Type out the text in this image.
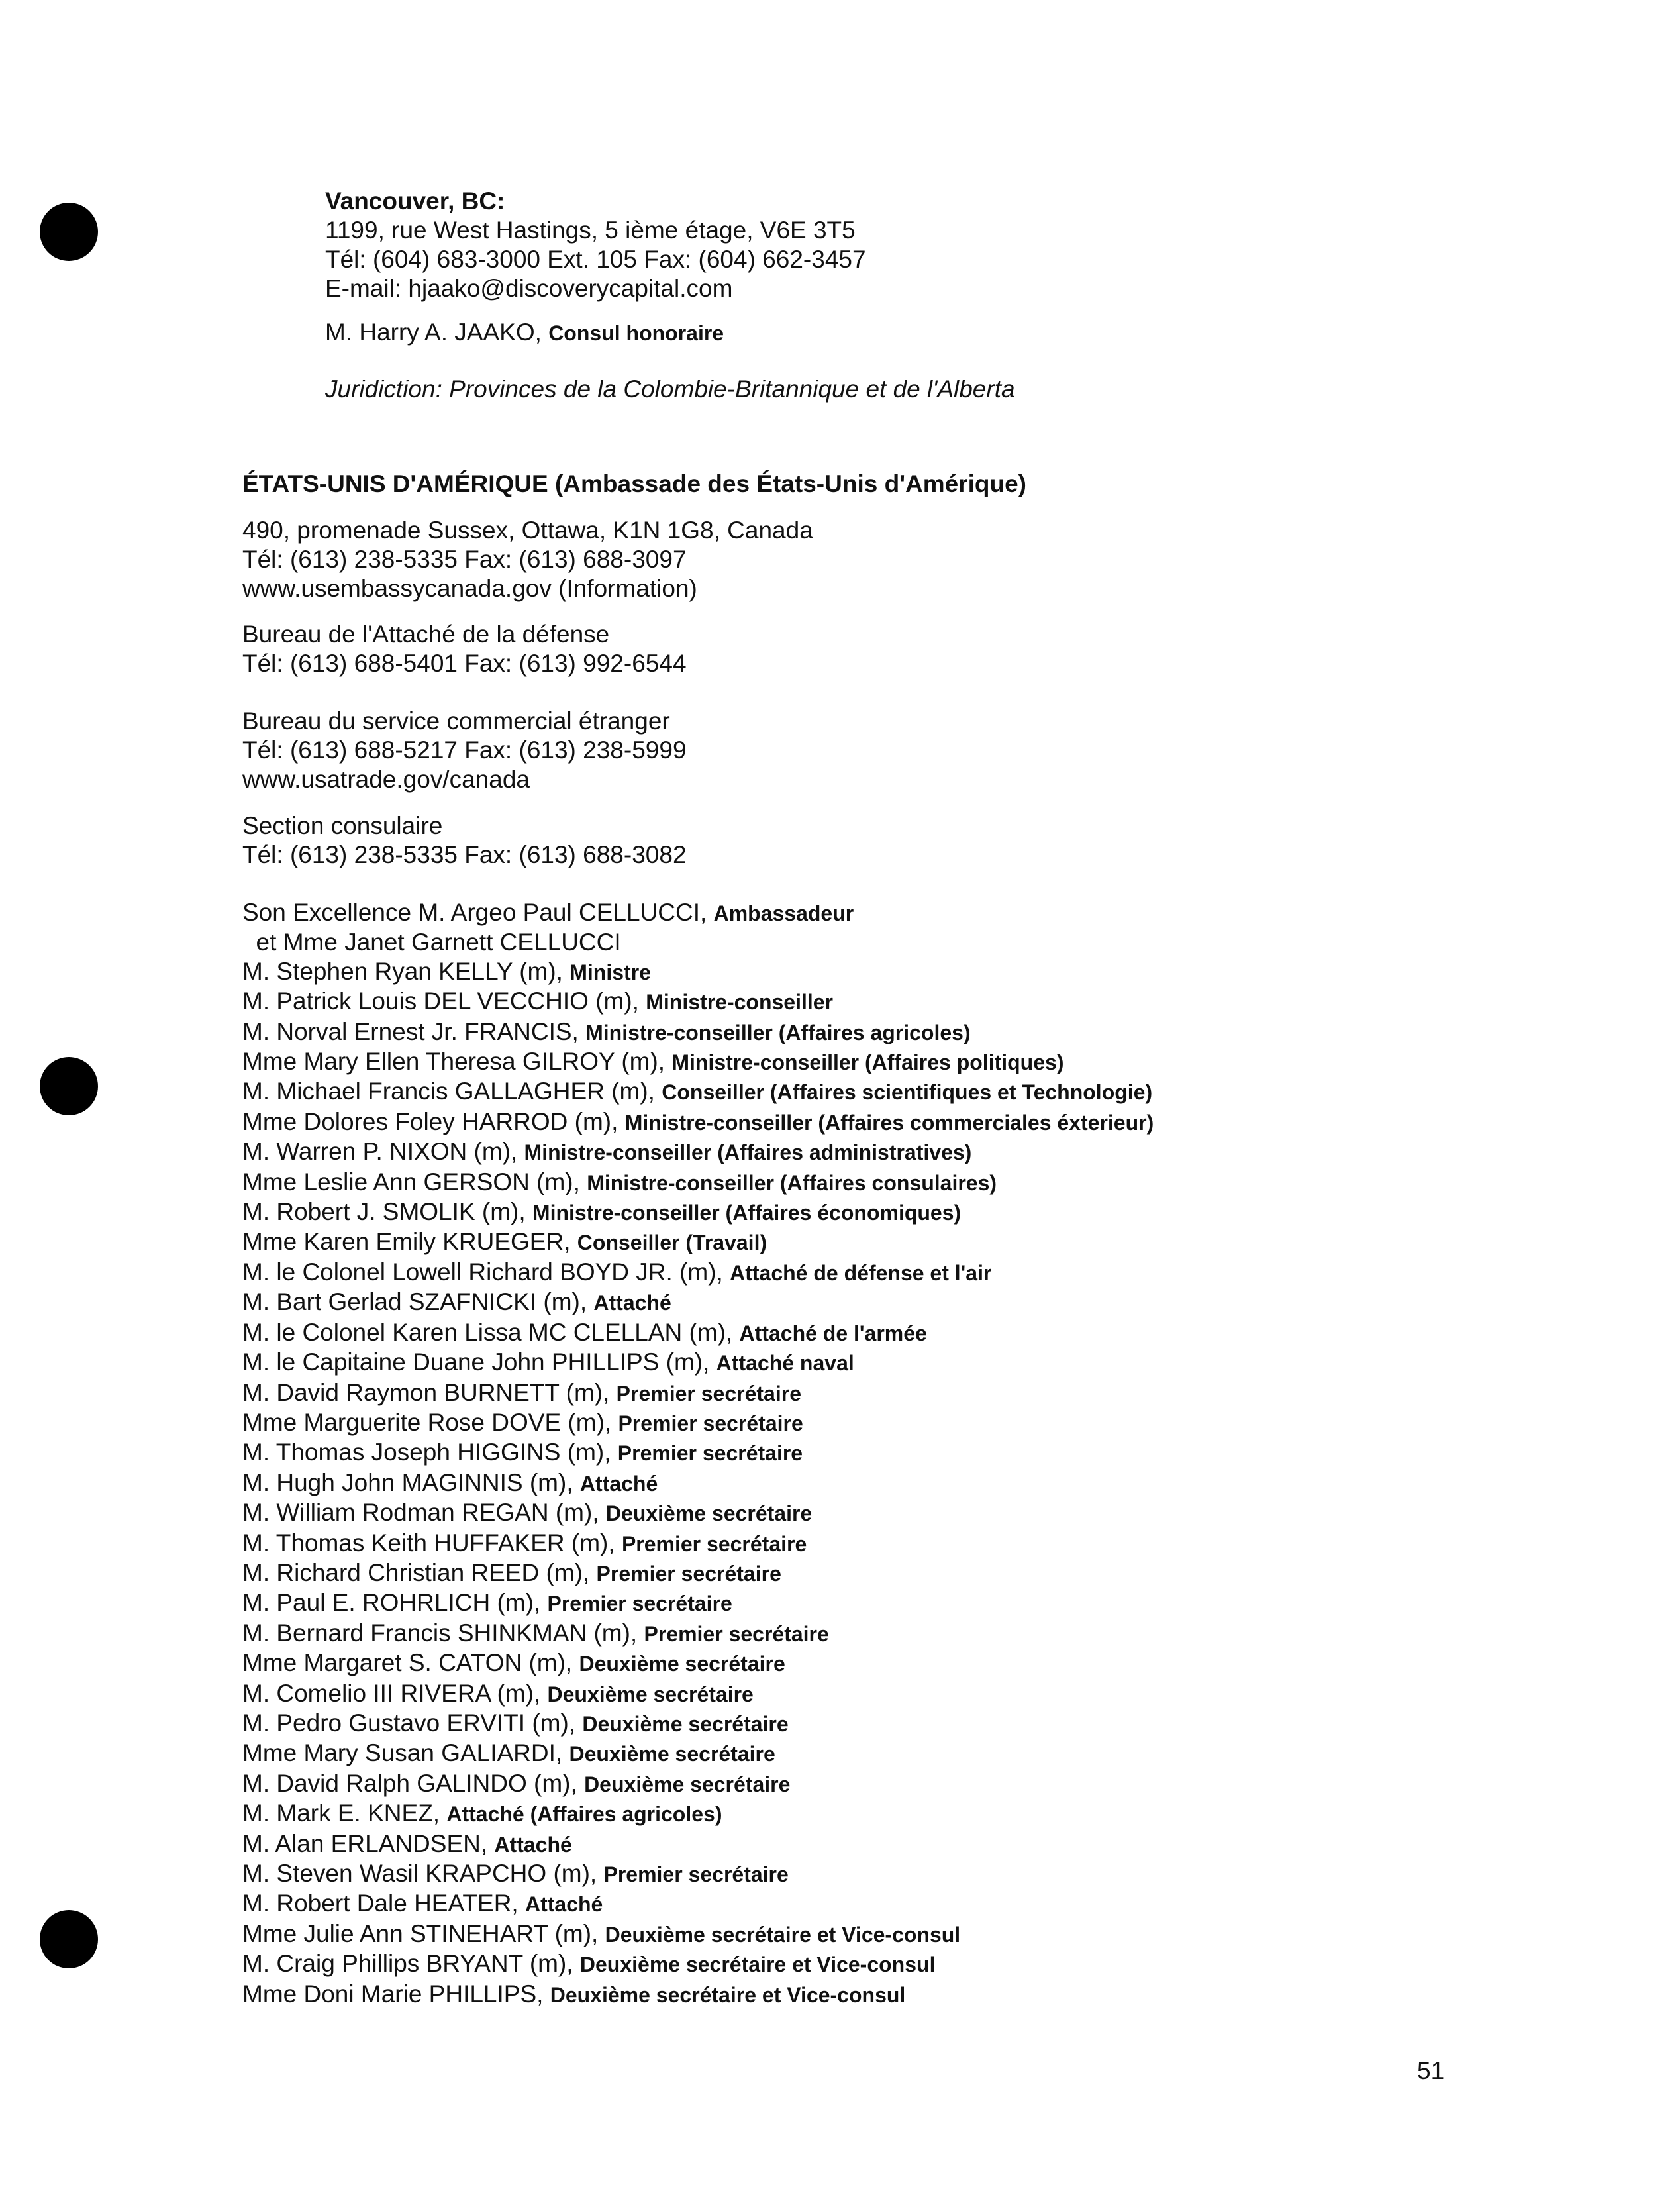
Vancouver, BC:
1199, rue West Hastings, 5 ième étage, V6E 3T5
Tél: (604) 683-3000 Ext. 105 Fax: (604) 662-3457
E-mail: hjaako@discoverycapital.com
M. Harry A. JAAKO, Consul honoraire
Juridiction: Provinces de la Colombie-Britannique et de l'Alberta
ÉTATS-UNIS D'AMÉRIQUE (Ambassade des États-Unis d'Amérique)
490, promenade Sussex, Ottawa, K1N 1G8, Canada
Tél: (613) 238-5335 Fax: (613) 688-3097
www.usembassycanada.gov (Information)
Bureau de l'Attaché de la défense
Tél: (613) 688-5401 Fax: (613) 992-6544
Bureau du service commercial étranger
Tél: (613) 688-5217 Fax: (613) 238-5999
www.usatrade.gov/canada
Section consulaire
Tél: (613) 238-5335 Fax: (613) 688-3082
Son Excellence M. Argeo Paul CELLUCCI, Ambassadeur
et Mme Janet Garnett CELLUCCI
M. Stephen Ryan KELLY (m), Ministre
M. Patrick Louis DEL VECCHIO (m), Ministre-conseiller
M. Norval Ernest Jr. FRANCIS, Ministre-conseiller (Affaires agricoles)
Mme Mary Ellen Theresa GILROY (m), Ministre-conseiller (Affaires politiques)
M. Michael Francis GALLAGHER (m), Conseiller (Affaires scientifiques et Technologie)
Mme Dolores Foley HARROD (m), Ministre-conseiller (Affaires commerciales éxterieur)
M. Warren P. NIXON (m), Ministre-conseiller (Affaires administratives)
Mme Leslie Ann GERSON (m), Ministre-conseiller (Affaires consulaires)
M. Robert J. SMOLIK (m), Ministre-conseiller (Affaires économiques)
Mme Karen Emily KRUEGER, Conseiller (Travail)
M. le Colonel Lowell Richard BOYD JR. (m), Attaché de défense et l'air
M. Bart Gerlad SZAFNICKI (m), Attaché
M. le Colonel Karen Lissa MC CLELLAN (m), Attaché de l'armée
M. le Capitaine Duane John PHILLIPS (m), Attaché naval
M. David Raymon BURNETT (m), Premier secrétaire
Mme Marguerite Rose DOVE (m), Premier secrétaire
M. Thomas Joseph HIGGINS (m), Premier secrétaire
M. Hugh John MAGINNIS (m), Attaché
M. William Rodman REGAN (m), Deuxième secrétaire
M. Thomas Keith HUFFAKER (m), Premier secrétaire
M. Richard Christian REED (m), Premier secrétaire
M. Paul E. ROHRLICH (m), Premier secrétaire
M. Bernard Francis SHINKMAN (m), Premier secrétaire
Mme Margaret S. CATON (m), Deuxième secrétaire
M. Comelio III RIVERA (m), Deuxième secrétaire
M. Pedro Gustavo ERVITI (m), Deuxième secrétaire
Mme Mary Susan GALIARDI, Deuxième secrétaire
M. David Ralph GALINDO (m), Deuxième secrétaire
M. Mark E. KNEZ, Attaché (Affaires agricoles)
M. Alan ERLANDSEN, Attaché
M. Steven Wasil KRAPCHO (m), Premier secrétaire
M. Robert Dale HEATER, Attaché
Mme Julie Ann STINEHART (m), Deuxième secrétaire et Vice-consul
M. Craig Phillips BRYANT (m), Deuxième secrétaire et Vice-consul
Mme Doni Marie PHILLIPS, Deuxième secrétaire et Vice-consul
51
